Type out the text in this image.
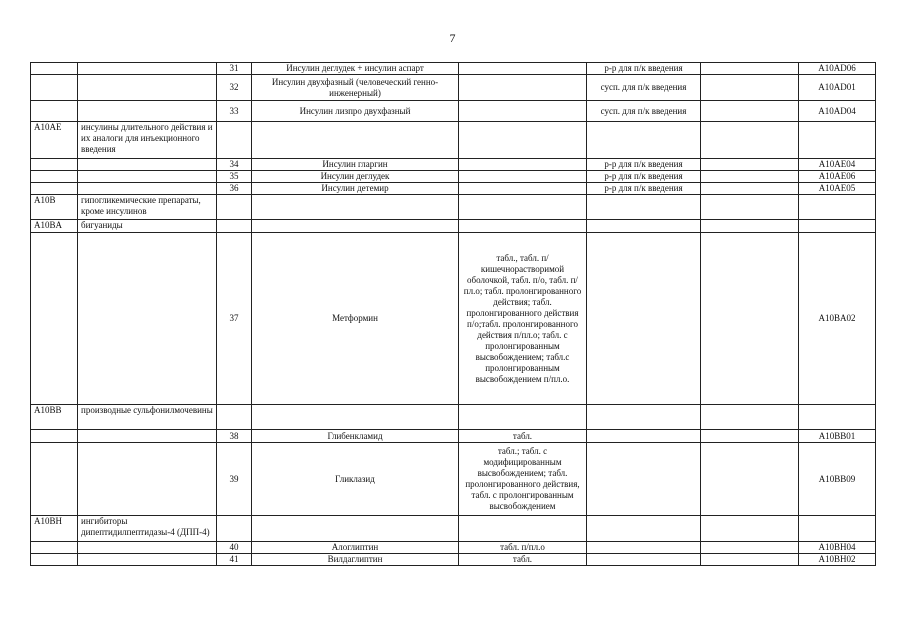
7
		31	Инсулин деглудек + инсулин аспарт		р-р для п/к введения		A10AD06
		32	Инсулин двухфазный (человеческий генно-инженерный)		сусп. для п/к введения		A10AD01
		33	Инсулин лизпро двухфазный		сусп. для п/к введения		A10AD04
A10AE	инсулины длительного действия и их аналоги для инъекционного введения						
		34	Инсулин гларгин		р-р для п/к введения		A10AE04
		35	Инсулин деглудек		р-р для п/к введения		A10AE06
		36	Инсулин детемир		р-р для п/к введения		A10AE05
A10B	гипогликемические препараты, кроме инсулинов						
A10BA	бигуаниды						
		37	Метформин	табл., табл. п/кишечнорастворимой оболочкой, табл. п/о, табл. п/пл.о; табл. пролонгированного действия; табл. пролонгированного действия п/о;табл. пролонгированного действия п/пл.о; табл. с пролонгированным высвобождением; табл.с пролонгированным высвобождением п/пл.о.			A10BA02
A10BB	производные сульфонилмочевины						
		38	Глибенкламид	табл.			A10BB01
		39	Гликлазид	табл.; табл. с модифицированным высвобождением; табл. пролонгированного действия, табл. с пролонгированным высвобождением			A10BB09
A10BH	ингибиторы дипептидилпептидазы-4 (ДПП-4)						
		40	Алоглиптин	табл. п/пл.о			A10BH04
		41	Вилдаглиптин	табл.			A10BH02
